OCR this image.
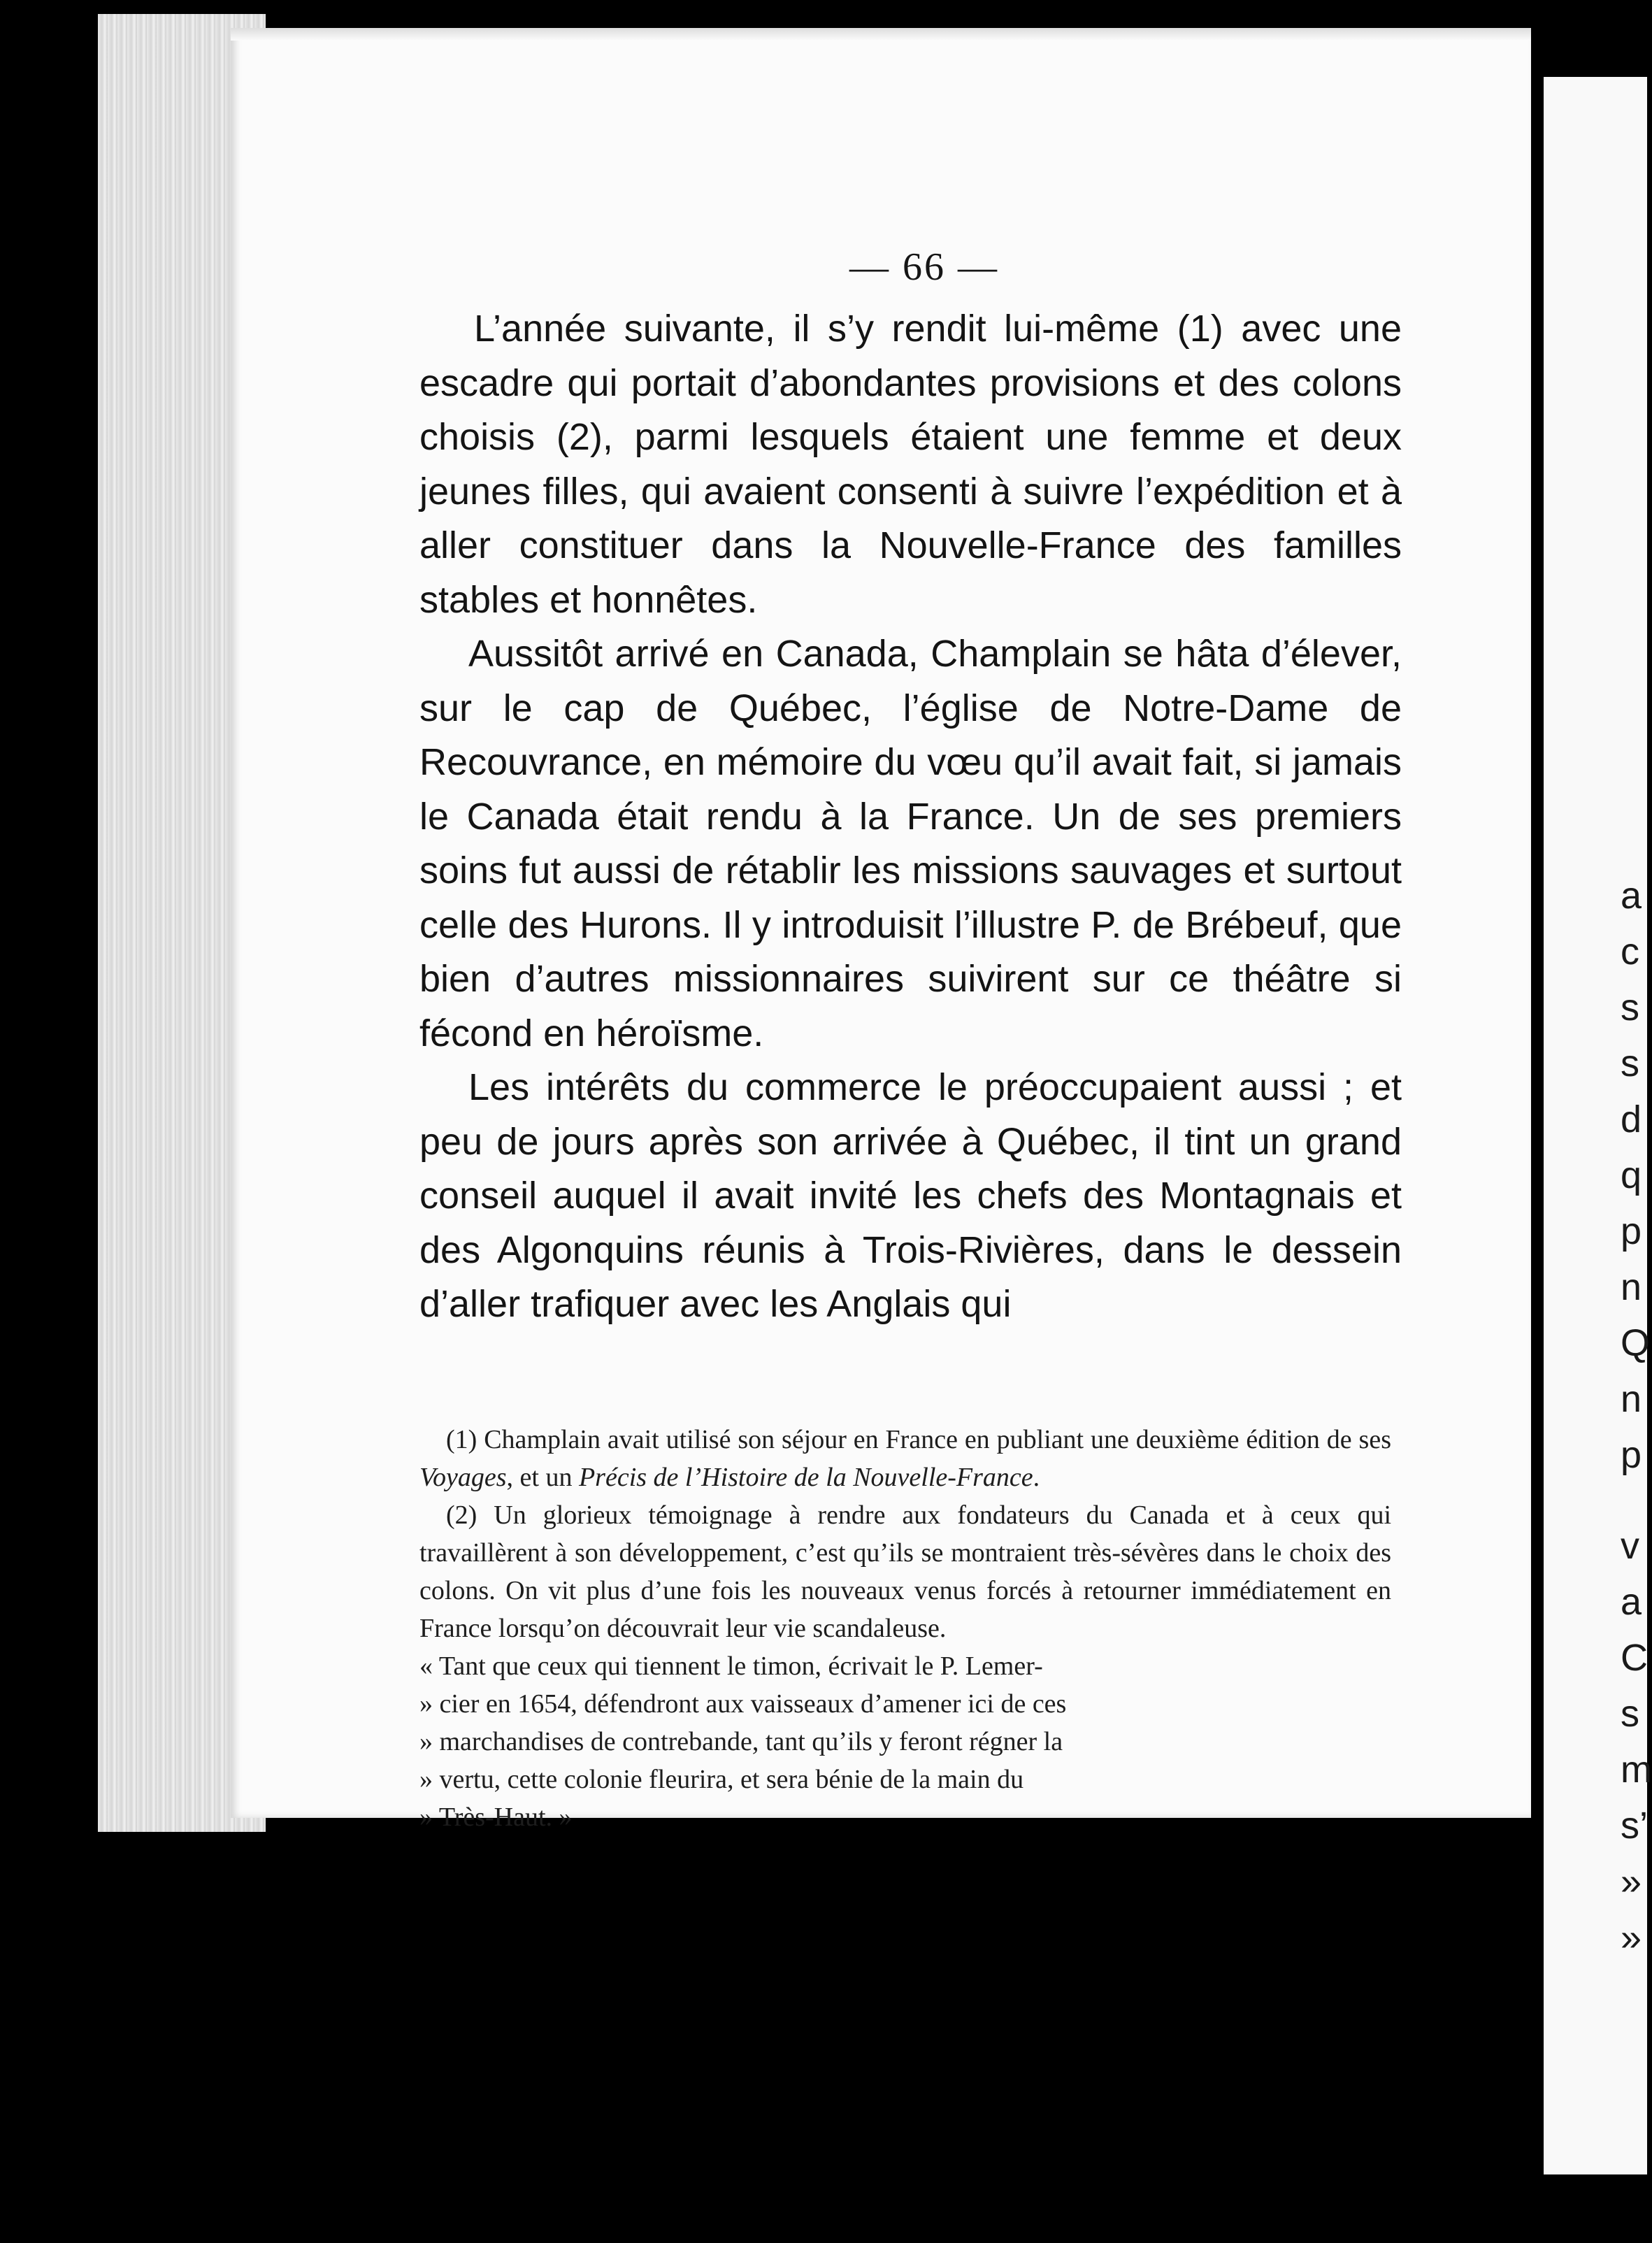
a
c
s
s
d
q
p
n
Q
n
p
v
a
C
s
m
s’
»
»
— 66 —

L’année suivante, il s’y rendit lui-même (1) avec une escadre qui portait d’abondantes provisions et des colons choisis (2), parmi lesquels étaient une femme et deux jeunes filles, qui avaient consenti à suivre l’expédition et à aller constituer dans la Nouvelle-France des familles stables et honnêtes.

Aussitôt arrivé en Canada, Champlain se hâta d’élever, sur le cap de Québec, l’église de Notre-Dame de Recouvrance, en mémoire du vœu qu’il avait fait, si jamais le Canada était rendu à la France. Un de ses premiers soins fut aussi de rétablir les missions sauvages et surtout celle des Hurons. Il y introduisit l’illustre P. de Brébeuf, que bien d’autres missionnaires suivirent sur ce théâtre si fécond en héroïsme.

Les intérêts du commerce le préoccupaient aussi ; et peu de jours après son arrivée à Québec, il tint un grand conseil auquel il avait invité les chefs des Montagnais et des Algonquins réunis à Trois-Rivières, dans le dessein d’aller trafiquer avec les Anglais qui

(1) Champlain avait utilisé son séjour en France en publiant une deuxième édition de ses Voyages, et un Précis de l’Histoire de la Nouvelle-France.

(2) Un glorieux témoignage à rendre aux fondateurs du Canada et à ceux qui travaillèrent à son développement, c’est qu’ils se montraient très-sévères dans le choix des colons. On vit plus d’une fois les nouveaux venus forcés à retourner immédiatement en France lorsqu’on découvrait leur vie scandaleuse.

« Tant que ceux qui tiennent le timon, écrivait le P. Lemer-

» cier en 1654, défendront aux vaisseaux d’amener ici de ces

» marchandises de contrebande, tant qu’ils y feront régner la

» vertu, cette colonie fleurira, et sera bénie de la main du

» Très-Haut. »
